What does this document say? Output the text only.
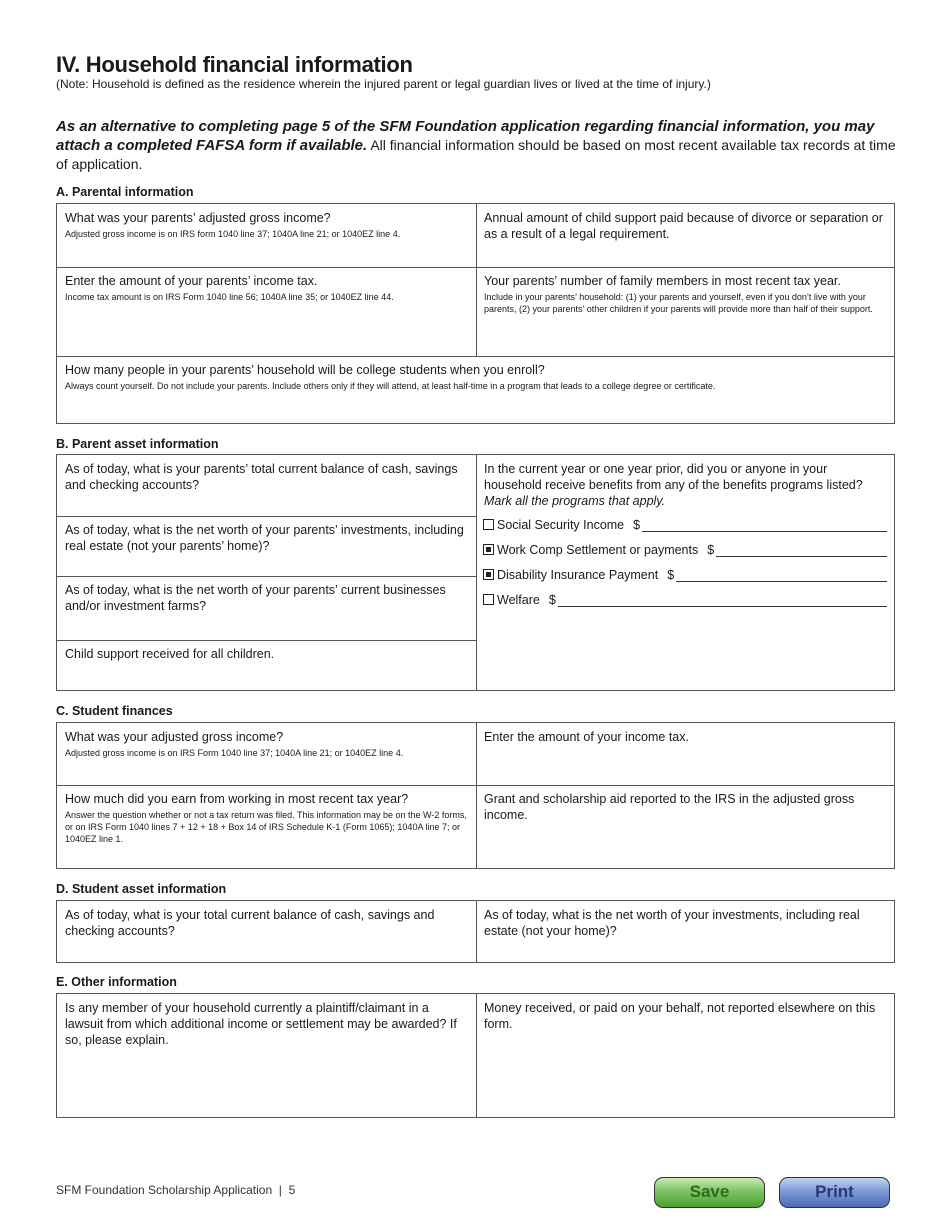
IV. Household financial information
(Note: Household is defined as the residence wherein the injured parent or legal guardian lives or lived at the time of injury.)
As an alternative to completing page 5 of the SFM Foundation application regarding financial information, you may attach a completed FAFSA form if available. All financial information should be based on most recent available tax records at time of application.
A. Parental information
What was your parents’ adjusted gross income?
Adjusted gross income is on IRS form 1040 line 37; 1040A line 21; or 1040EZ line 4.
Annual amount of child support paid because of divorce or separation or as a result of a legal requirement.
Enter the amount of your parents’ income tax.
Income tax amount is on IRS Form 1040 line 56; 1040A line 35; or 1040EZ line 44.
Your parents’ number of family members in most recent tax year.
Include in your parents’ household: (1) your parents and yourself, even if you don’t live with your parents, (2) your parents’ other children if your parents will provide more than half of their support.
How many people in your parents’ household will be college students when you enroll?
Always count yourself. Do not include your parents. Include others only if they will attend, at least half-time in a program that leads to a college degree or certificate.
B. Parent asset information
As of today, what is your parents’ total current balance of cash, savings and checking accounts?
As of today, what is the net worth of your parents’ investments, including real estate (not your parents’ home)?
As of today, what is the net worth of your parents’ current businesses and/or investment farms?
Child support received for all children.
In the current year or one year prior, did you or anyone in your household receive benefits from any of the benefits programs listed? Mark all the programs that apply.
Social Security Income $
Work Comp Settlement or payments $
Disability Insurance Payment $
Welfare $
C. Student finances
What was your adjusted gross income?
Adjusted gross income is on IRS Form 1040 line 37; 1040A line 21; or 1040EZ line 4.
Enter the amount of your income tax.
How much did you earn from working in most recent tax year?
Answer the question whether or not a tax return was filed. This information may be on the W-2 forms, or on IRS Form 1040 lines 7 + 12 + 18 + Box 14 of IRS Schedule K-1 (Form 1065); 1040A line 7; or 1040EZ line 1.
Grant and scholarship aid reported to the IRS in the adjusted gross income.
D. Student asset information
As of today, what is your total current balance of cash, savings and checking accounts?
As of today, what is the net worth of your investments, including real estate (not your home)?
E. Other information
Is any member of your household currently a plaintiff/claimant in a lawsuit from which additional income or settlement may be awarded? If so, please explain.
Money received, or paid on your behalf, not reported elsewhere on this form.
SFM Foundation Scholarship Application  |  5	Save	Print
